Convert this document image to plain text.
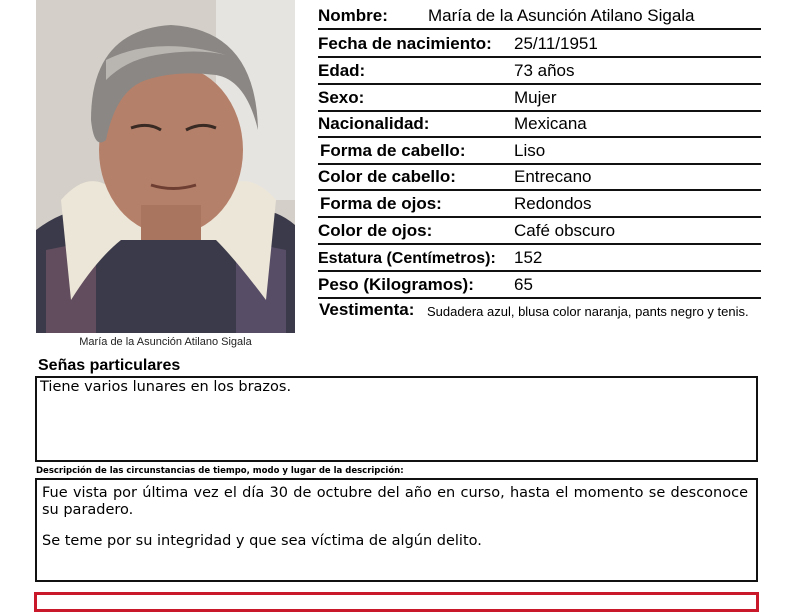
María de la Asunción Atilano Sigala
Nombre: María de la Asunción Atilano Sigala
Fecha de nacimiento: 25/11/1951
Edad:	73 años
Sexo:	Mujer
Nacionalidad:	Mexicana
Forma de cabello:	Liso
Color de cabello:	Entrecano
Forma de ojos:	Redondos
Color de ojos:	Café obscuro
Estatura (Centímetros): 152
Peso (Kilogramos): 65
Vestimenta: Sudadera azul, blusa color naranja, pants negro y tenis.
Señas particulares
Tiene varios lunares en los brazos.
Descripción de las circunstancias de tiempo, modo y lugar de la descripción:

Fue vista por última vez el día 30 de octubre del año en curso, hasta el momento se desconoce su paradero.

Se teme por su integridad y que sea víctima de algún delito.
